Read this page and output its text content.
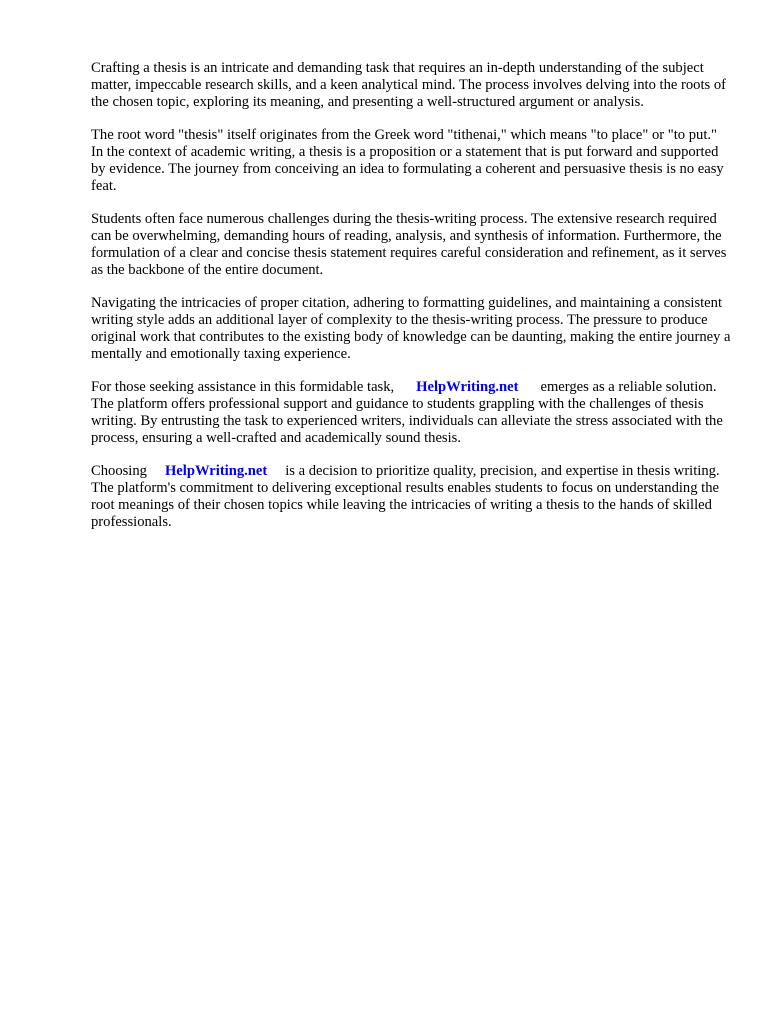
Crafting a thesis is an intricate and demanding task that requires an in-depth understanding of the subject matter, impeccable research skills, and a keen analytical mind. The process involves delving into the roots of the chosen topic, exploring its meaning, and presenting a well-structured argument or analysis.

The root word "thesis" itself originates from the Greek word "tithenai," which means "to place" or "to put." In the context of academic writing, a thesis is a proposition or a statement that is put forward and supported by evidence. The journey from conceiving an idea to formulating a coherent and persuasive thesis is no easy feat.

Students often face numerous challenges during the thesis-writing process. The extensive research required can be overwhelming, demanding hours of reading, analysis, and synthesis of information. Furthermore, the formulation of a clear and concise thesis statement requires careful consideration and refinement, as it serves as the backbone of the entire document.

Navigating the intricacies of proper citation, adhering to formatting guidelines, and maintaining a consistent writing style adds an additional layer of complexity to the thesis-writing process. The pressure to produce original work that contributes to the existing body of knowledge can be daunting, making the entire journey a mentally and emotionally taxing experience.

For those seeking assistance in this formidable task, HelpWriting.net emerges as a reliable solution. The platform offers professional support and guidance to students grappling with the challenges of thesis writing. By entrusting the task to experienced writers, individuals can alleviate the stress associated with the process, ensuring a well-crafted and academically sound thesis.

Choosing HelpWriting.net is a decision to prioritize quality, precision, and expertise in thesis writing. The platform's commitment to delivering exceptional results enables students to focus on understanding the root meanings of their chosen topics while leaving the intricacies of writing a thesis to the hands of skilled professionals.
